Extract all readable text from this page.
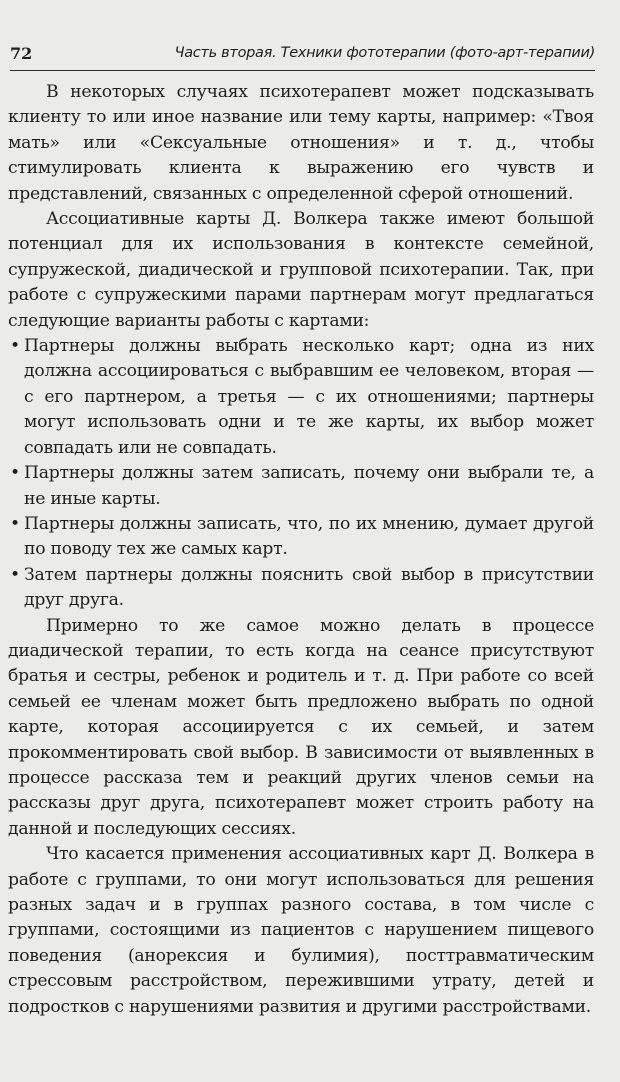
72	Часть вторая. Техники фототерапии (фото-арт-терапии)

В некоторых случаях психотерапевт может подсказывать клиенту то или иное название или тему карты, например: «Твоя мать» или «Сексуальные отношения» и т. д., чтобы стимулировать клиента к выражению его чувств и представлений, связанных с определенной сферой отношений.

Ассоциативные карты Д. Волкера также имеют большой потенциал для их использования в контексте семейной, супружеской, диадической и групповой психотерапии. Так, при работе с супружескими парами партнерам могут предлагаться следующие варианты работы с картами:

• Партнеры должны выбрать несколько карт; одна из них должна ассоциироваться с выбравшим ее человеком, вторая — с его партнером, а третья — с их отношениями; партнеры могут использовать одни и те же карты, их выбор может совпадать или не совпадать.
• Партнеры должны затем записать, почему они выбрали те, а не иные карты.
• Партнеры должны записать, что, по их мнению, думает другой по поводу тех же самых карт.
• Затем партнеры должны пояснить свой выбор в присутствии друг друга.

Примерно то же самое можно делать в процессе диадической терапии, то есть когда на сеансе присутствуют братья и сестры, ребенок и родитель и т. д. При работе со всей семьей ее членам может быть предложено выбрать по одной карте, которая ассоциируется с их семьей, и затем прокомментировать свой выбор. В зависимости от выявленных в процессе рассказа тем и реакций других членов семьи на рассказы друг друга, психотерапевт может строить работу на данной и последующих сессиях.

Что касается применения ассоциативных карт Д. Волкера в работе с группами, то они могут использоваться для решения разных задач и в группах разного состава, в том числе с группами, состоящими из пациентов с нарушением пищевого поведения (анорексия и булимия), посттравматическим стрессовым расстройством, пережившими утрату, детей и подростков с нарушениями развития и другими расстройствами.
